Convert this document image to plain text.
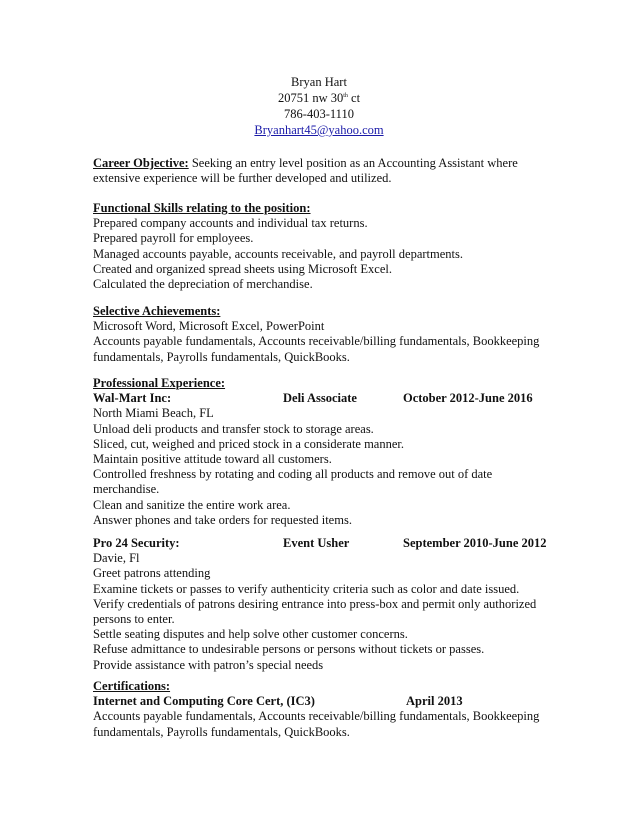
Bryan Hart
20751 nw 30th ct
786-403-1110
Bryanhart45@yahoo.com
Career Objective: Seeking an entry level position as an Accounting Assistant where
extensive experience will be further developed and utilized.
Functional Skills relating to the position:
Prepared company accounts and individual tax returns.
Prepared payroll for employees.
Managed accounts payable, accounts receivable, and payroll departments.
Created and organized spread sheets using Microsoft Excel.
Calculated the depreciation of merchandise.
Selective Achievements:
Microsoft Word, Microsoft Excel, PowerPoint
Accounts payable fundamentals, Accounts receivable/billing fundamentals, Bookkeeping
fundamentals, Payrolls fundamentals, QuickBooks.
Professional Experience:
Wal-Mart Inc:	Deli Associate	October 2012-June 2016
North Miami Beach, FL
Unload deli products and transfer stock to storage areas.
Sliced, cut, weighed and priced stock in a considerate manner.
Maintain positive attitude toward all customers.
Controlled freshness by rotating and coding all products and remove out of date
merchandise.
Clean and sanitize the entire work area.
Answer phones and take orders for requested items.
Pro 24 Security:	Event Usher	September 2010-June 2012
Davie, Fl
Greet patrons attending
Examine tickets or passes to verify authenticity criteria such as color and date issued.
Verify credentials of patrons desiring entrance into press-box and permit only authorized
persons to enter.
Settle seating disputes and help solve other customer concerns.
Refuse admittance to undesirable persons or persons without tickets or passes.
Provide assistance with patron’s special needs
Certifications:
Internet and Computing Core Cert, (IC3)	April 2013
Accounts payable fundamentals, Accounts receivable/billing fundamentals, Bookkeeping
fundamentals, Payrolls fundamentals, QuickBooks.
